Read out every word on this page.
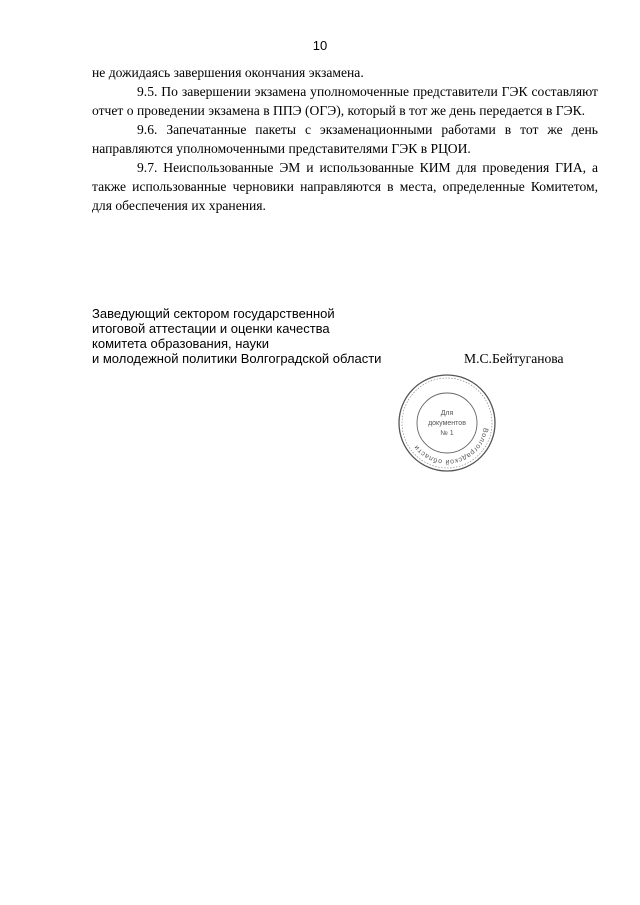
10

не дожидаясь завершения окончания экзамена.

9.5. По завершении экзамена уполномоченные представители ГЭК составляют отчет о проведении экзамена в ППЭ (ОГЭ), который в тот же день передается в ГЭК.

9.6. Запечатанные пакеты с экзаменационными работами в тот же день направляются уполномоченными представителями ГЭК в РЦОИ.

9.7. Неиспользованные ЭМ и использованные КИМ для проведения ГИА, а также использованные черновики направляются в места, определенные Комитетом, для обеспечения их хранения.

Заведующий сектором государственной
итоговой аттестации и оценки качества
комитета образования, науки
и молодежной политики Волгоградской области	М.С.Бейтуганова
Волгоградской области
Для
документов
№ 1
